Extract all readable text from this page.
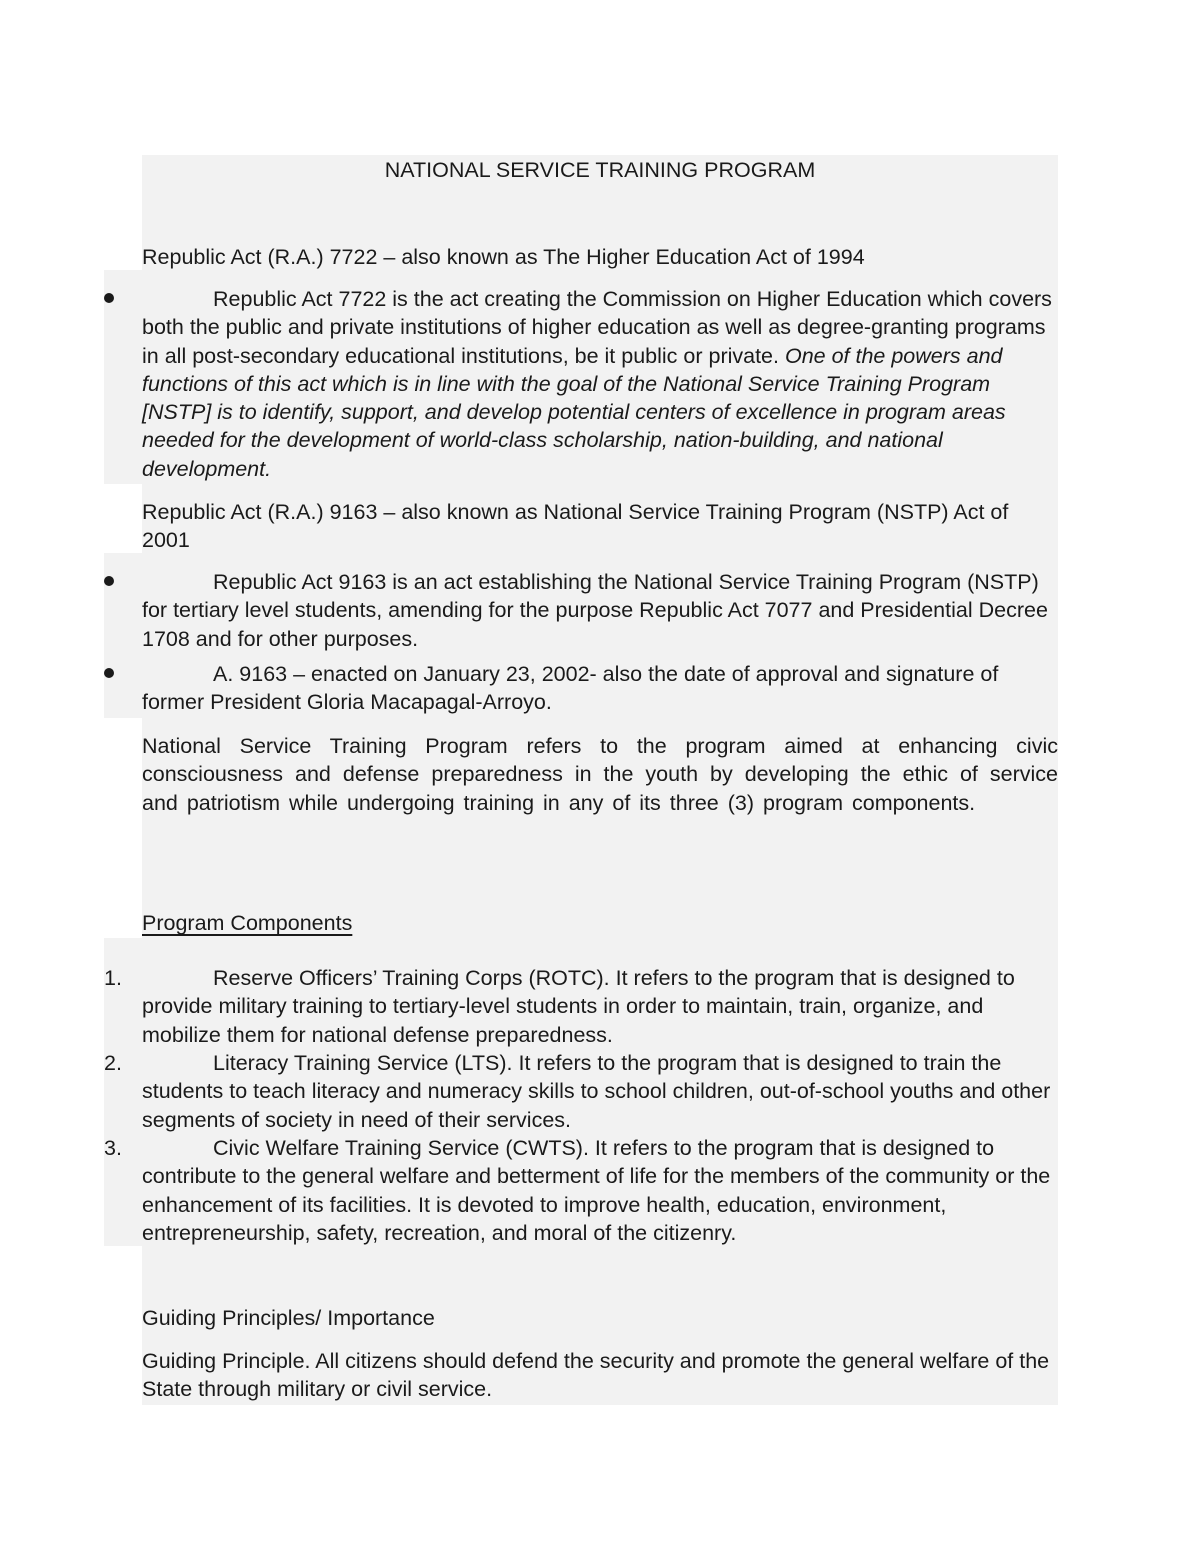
NATIONAL SERVICE TRAINING PROGRAM

Republic Act (R.A.) 7722 – also known as The Higher Education Act of 1994

Republic Act 7722 is the act creating the Commission on Higher Education which covers both the public and private institutions of higher education as well as degree-granting programs in all post-secondary educational institutions, be it public or private. One of the powers and functions of this act which is in line with the goal of the National Service Training Program [NSTP] is to identify, support, and develop potential centers of excellence in program areas needed for the development of world-class scholarship, nation-building, and national development.

Republic Act (R.A.) 9163 – also known as National Service Training Program (NSTP) Act of 2001

Republic Act 9163 is an act establishing the National Service Training Program (NSTP) for tertiary level students, amending for the purpose Republic Act 7077 and Presidential Decree 1708 and for other purposes.

A. 9163 – enacted on January 23, 2002- also the date of approval and signature of former President Gloria Macapagal-Arroyo.

National Service Training Program refers to the program aimed at enhancing civic consciousness and defense preparedness in the youth by developing the ethic of service and patriotism while undergoing training in any of its three (3) program components.

Program Components

1.	Reserve Officers’ Training Corps (ROTC). It refers to the program that is designed to provide military training to tertiary-level students in order to maintain, train, organize, and mobilize them for national defense preparedness.

2.	Literacy Training Service (LTS). It refers to the program that is designed to train the students to teach literacy and numeracy skills to school children, out-of-school youths and other segments of society in need of their services.

3.	Civic Welfare Training Service (CWTS). It refers to the program that is designed to contribute to the general welfare and betterment of life for the members of the community or the enhancement of its facilities. It is devoted to improve health, education, environment, entrepreneurship, safety, recreation, and moral of the citizenry.

Guiding Principles/ Importance

Guiding Principle. All citizens should defend the security and promote the general welfare of the State through military or civil service.
